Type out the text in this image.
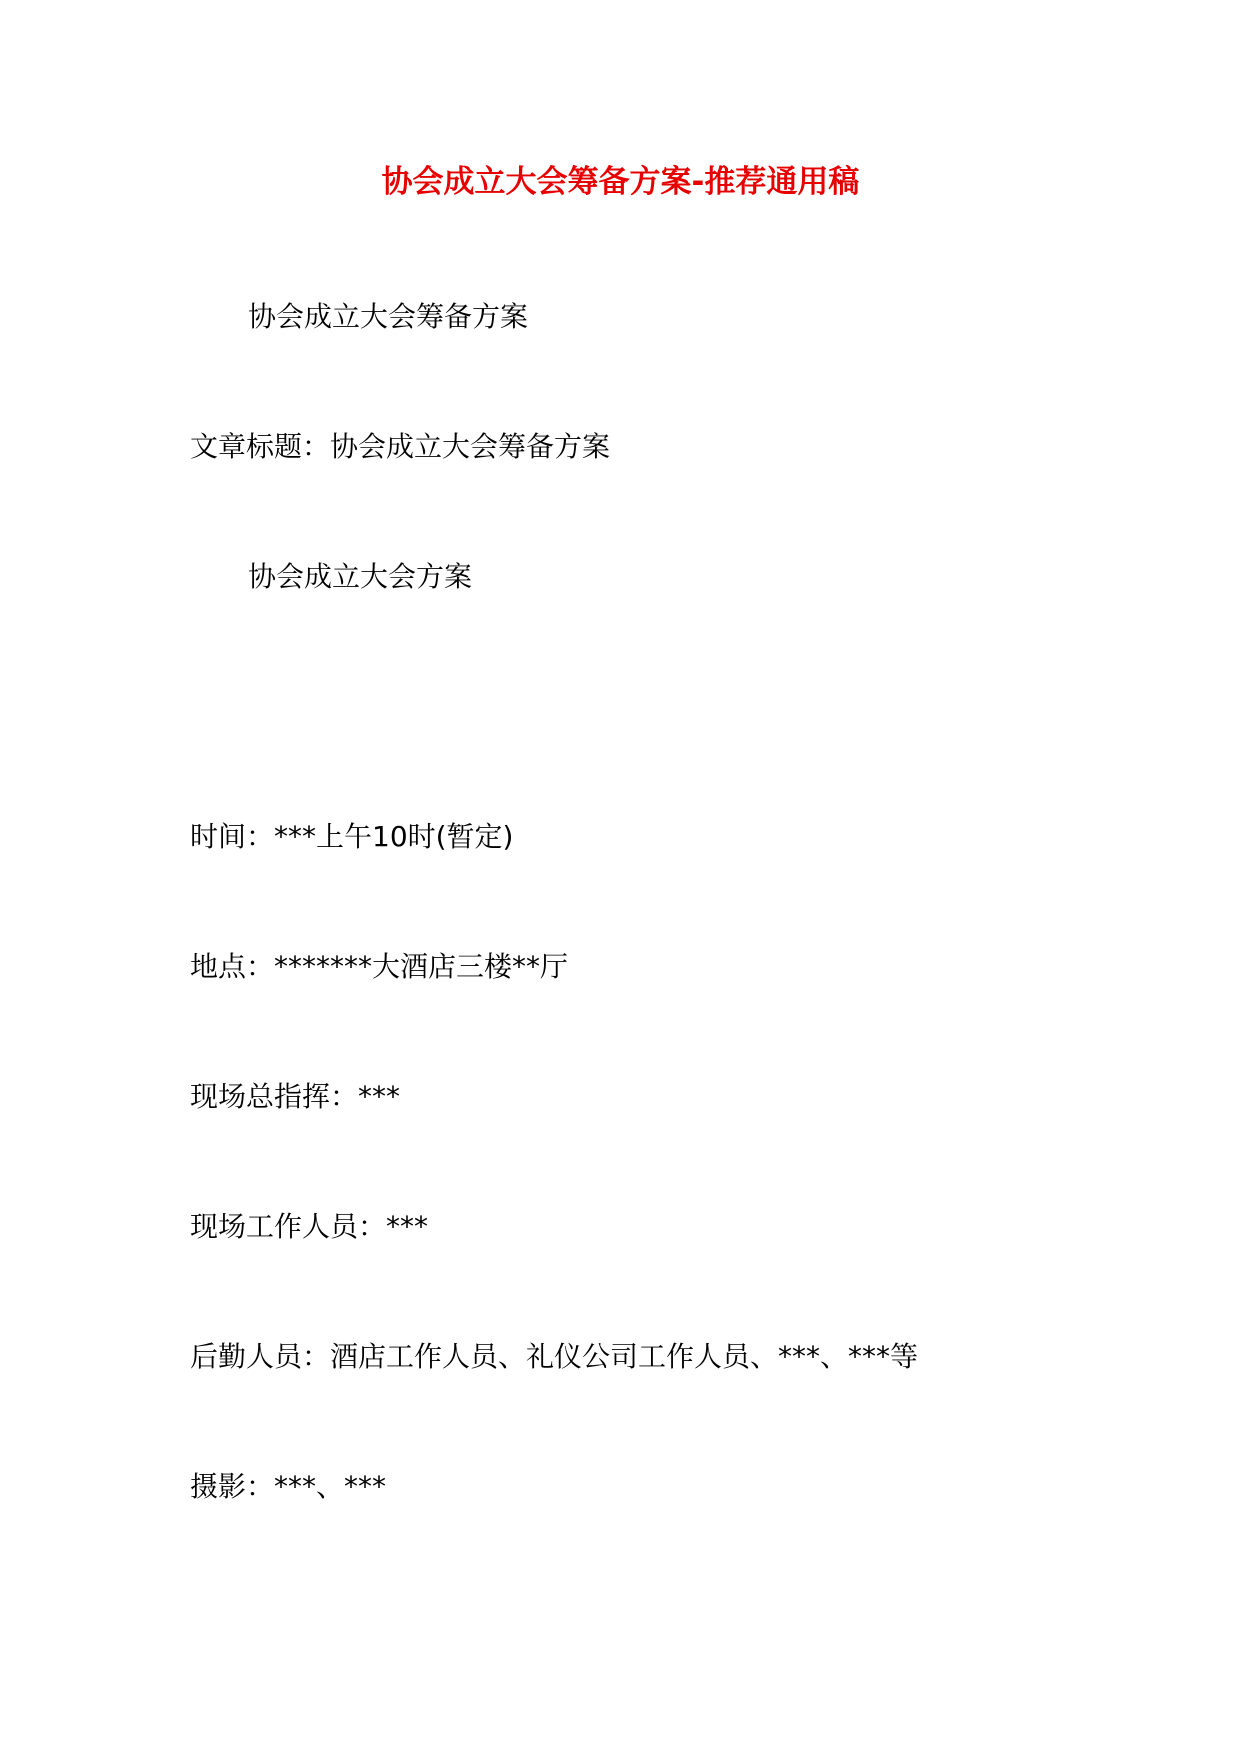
协会成立大会筹备方案-推荐通用稿

协会成立大会筹备方案

文章标题：协会成立大会筹备方案

协会成立大会方案

时间：***上午10时(暂定)

地点：*******大酒店三楼**厅

现场总指挥：***

现场工作人员：***

后勤人员：酒店工作人员、礼仪公司工作人员、***、***等

摄影：***、***
